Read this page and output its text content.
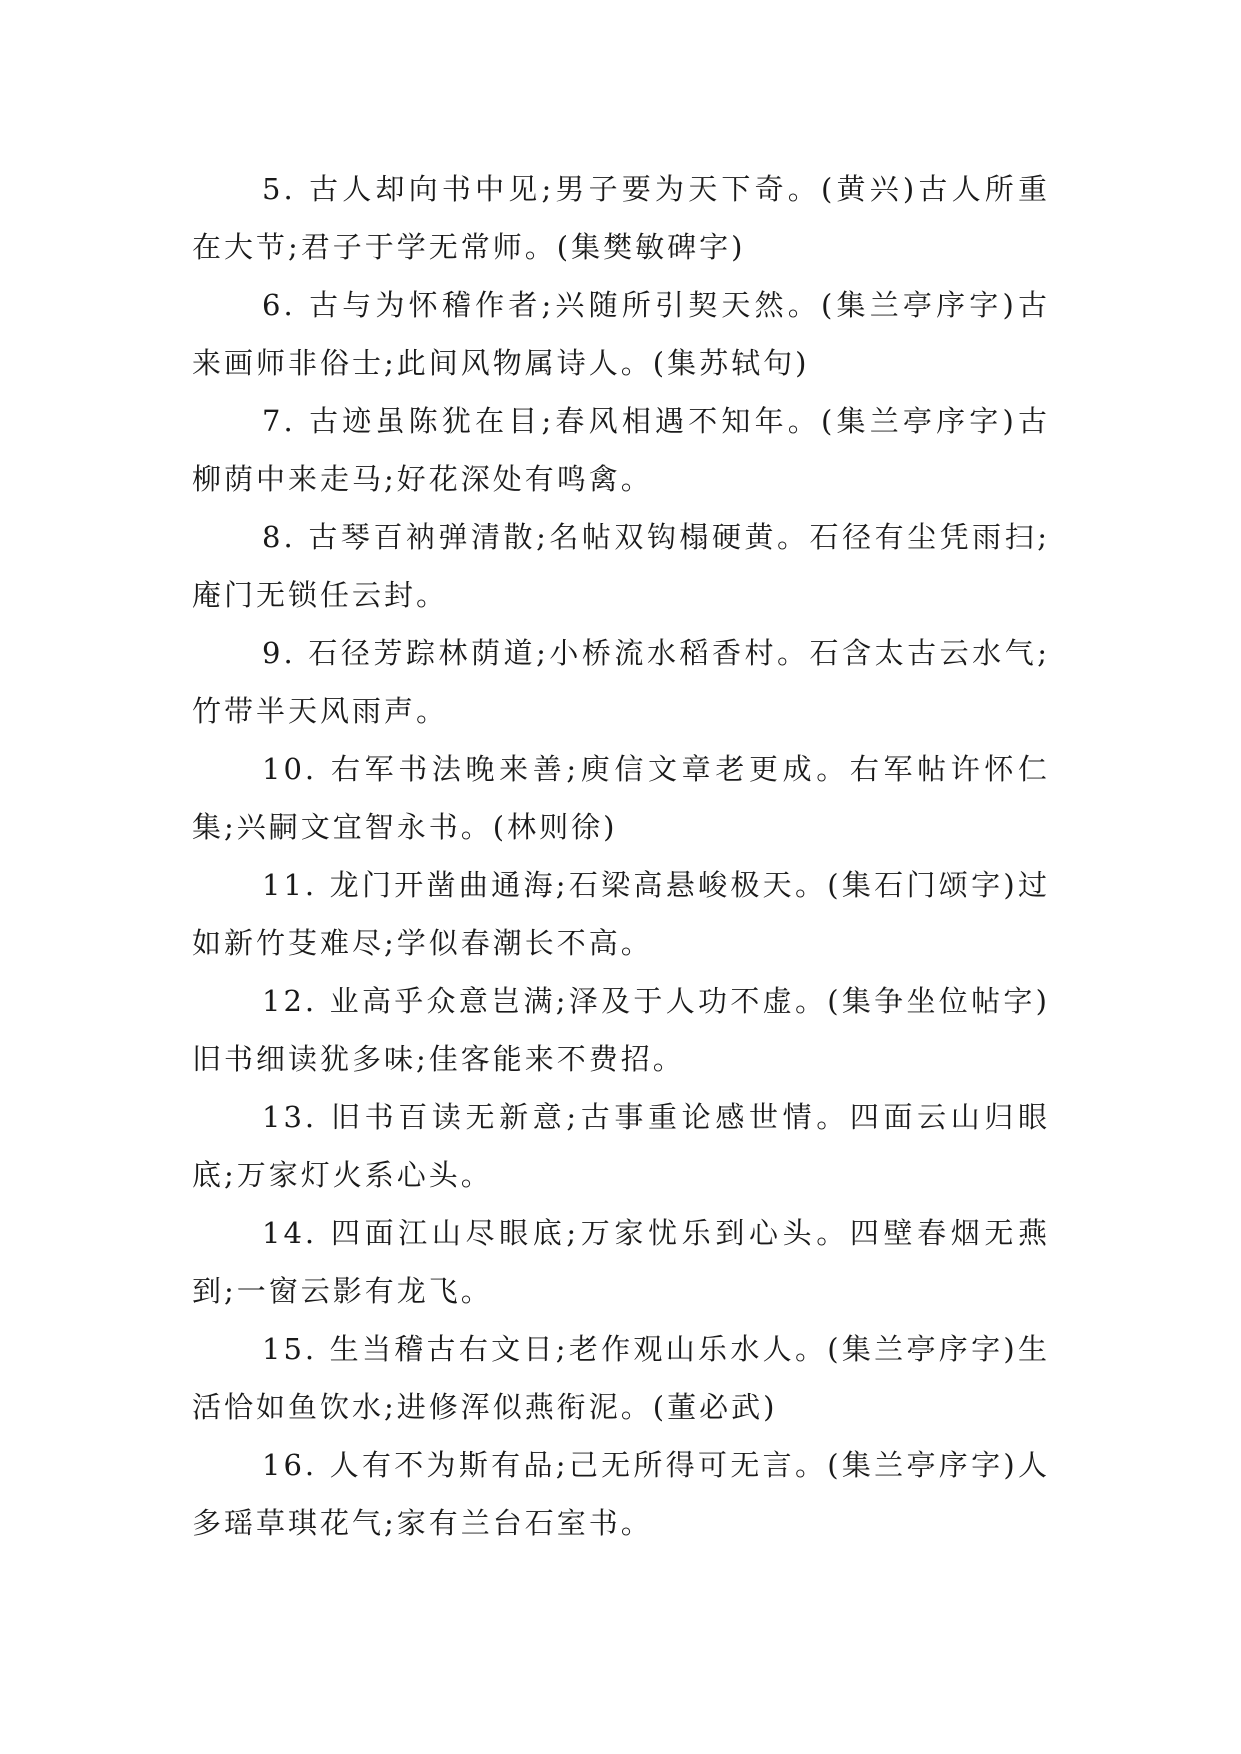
5. 古人却向书中见;男子要为天下奇。(黄兴)古人所重在大节;君子于学无常师。(集樊敏碑字)

6. 古与为怀稽作者;兴随所引契天然。(集兰亭序字)古来画师非俗士;此间风物属诗人。(集苏轼句)

7. 古迹虽陈犹在目;春风相遇不知年。(集兰亭序字)古柳荫中来走马;好花深处有鸣禽。

8. 古琴百衲弹清散;名帖双钩榻硬黄。石径有尘凭雨扫;庵门无锁任云封。

9. 石径芳踪林荫道;小桥流水稻香村。石含太古云水气;竹带半天风雨声。

10. 右军书法晚来善;庾信文章老更成。右军帖许怀仁集;兴嗣文宜智永书。(林则徐)

11. 龙门开凿曲通海;石梁高悬峻极天。(集石门颂字)过如新竹芟难尽;学似春潮长不高。

12. 业高乎众意岂满;泽及于人功不虚。(集争坐位帖字)旧书细读犹多味;佳客能来不费招。

13. 旧书百读无新意;古事重论感世情。四面云山归眼底;万家灯火系心头。

14. 四面江山尽眼底;万家忧乐到心头。四壁春烟无燕到;一窗云影有龙飞。

15. 生当稽古右文日;老作观山乐水人。(集兰亭序字)生活恰如鱼饮水;进修浑似燕衔泥。(董必武)

16. 人有不为斯有品;己无所得可无言。(集兰亭序字)人多瑶草琪花气;家有兰台石室书。
